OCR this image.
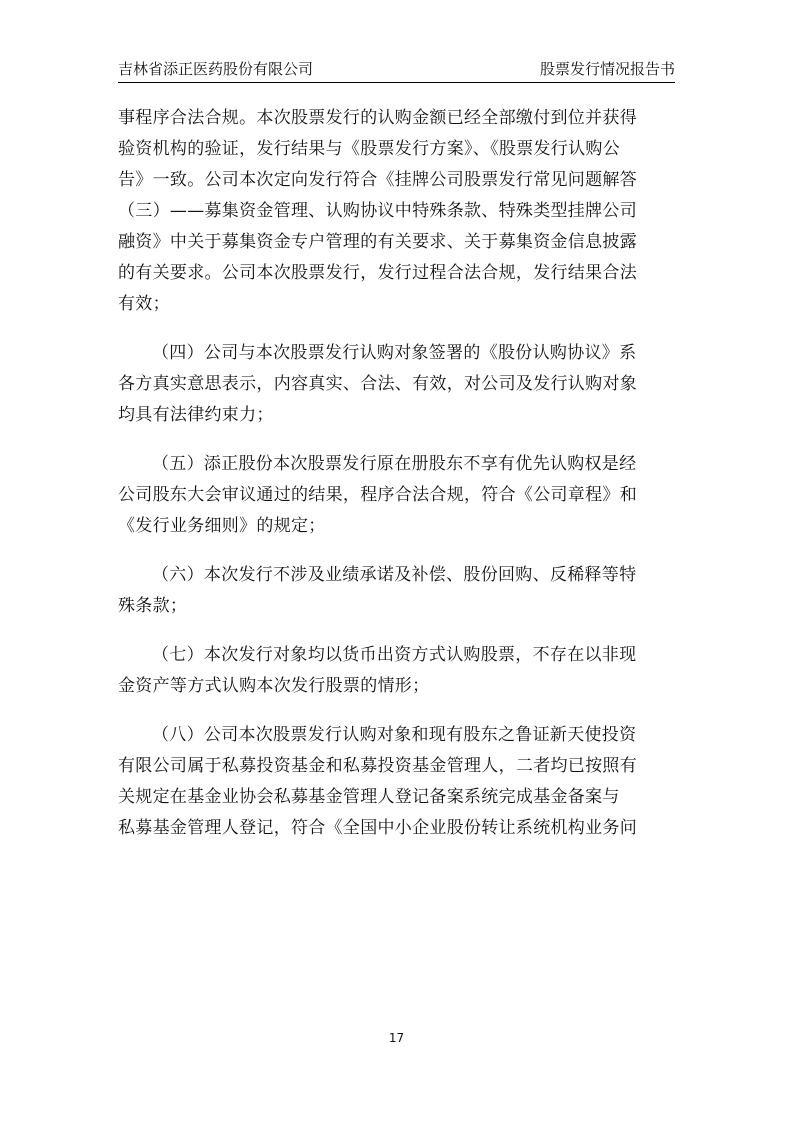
吉林省添正医药股份有限公司	股票发行情况报告书
事程序合法合规。本次股票发行的认购金额已经全部缴付到位并获得
验资机构的验证，发行结果与《股票发行方案》、《股票发行认购公
告》一致。公司本次定向发行符合《挂牌公司股票发行常见问题解答
（三）——募集资金管理、认购协议中特殊条款、特殊类型挂牌公司
融资》中关于募集资金专户管理的有关要求、关于募集资金信息披露
的有关要求。公司本次股票发行，发行过程合法合规，发行结果合法
有效；
（四）公司与本次股票发行认购对象签署的《股份认购协议》系
各方真实意思表示，内容真实、合法、有效，对公司及发行认购对象
均具有法律约束力；
（五）添正股份本次股票发行原在册股东不享有优先认购权是经
公司股东大会审议通过的结果，程序合法合规，符合《公司章程》和
《发行业务细则》的规定；
（六）本次发行不涉及业绩承诺及补偿、股份回购、反稀释等特
殊条款；
（七）本次发行对象均以货币出资方式认购股票，不存在以非现
金资产等方式认购本次发行股票的情形；
（八）公司本次股票发行认购对象和现有股东之鲁证新天使投资
有限公司属于私募投资基金和私募投资基金管理人，二者均已按照有
关规定在基金业协会私募基金管理人登记备案系统完成基金备案与
私募基金管理人登记，符合《全国中小企业股份转让系统机构业务问
17
